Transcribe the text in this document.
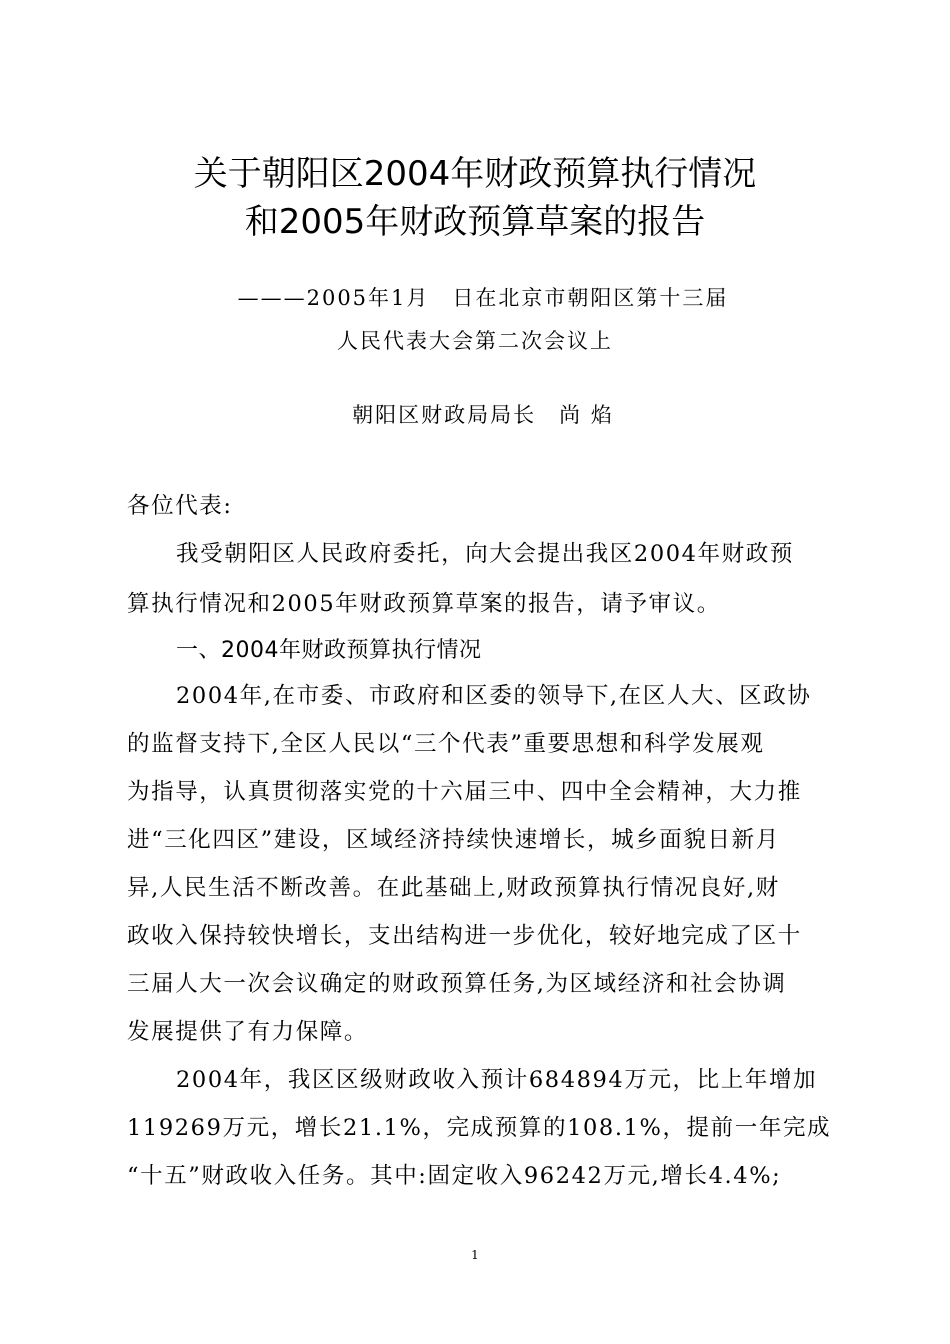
关于朝阳区2004年财政预算执行情况
和2005年财政预算草案的报告
———2005年1月　日在北京市朝阳区第十三届
人民代表大会第二次会议上
朝阳区财政局局长　尚 焰
各位代表:
我受朝阳区人民政府委托，向大会提出我区2004年财政预
算执行情况和2005年财政预算草案的报告，请予审议。
一、2004年财政预算执行情况
2004年,在市委、市政府和区委的领导下,在区人大、区政协
的监督支持下,全区人民以“三个代表”重要思想和科学发展观
为指导，认真贯彻落实党的十六届三中、四中全会精神，大力推
进“三化四区”建设，区域经济持续快速增长，城乡面貌日新月
异,人民生活不断改善。在此基础上,财政预算执行情况良好,财
政收入保持较快增长，支出结构进一步优化，较好地完成了区十
三届人大一次会议确定的财政预算任务,为区域经济和社会协调
发展提供了有力保障。
2004年，我区区级财政收入预计684894万元，比上年增加
119269万元，增长21.1%，完成预算的108.1%，提前一年完成
“十五”财政收入任务。其中:固定收入96242万元,增长4.4%;
1
